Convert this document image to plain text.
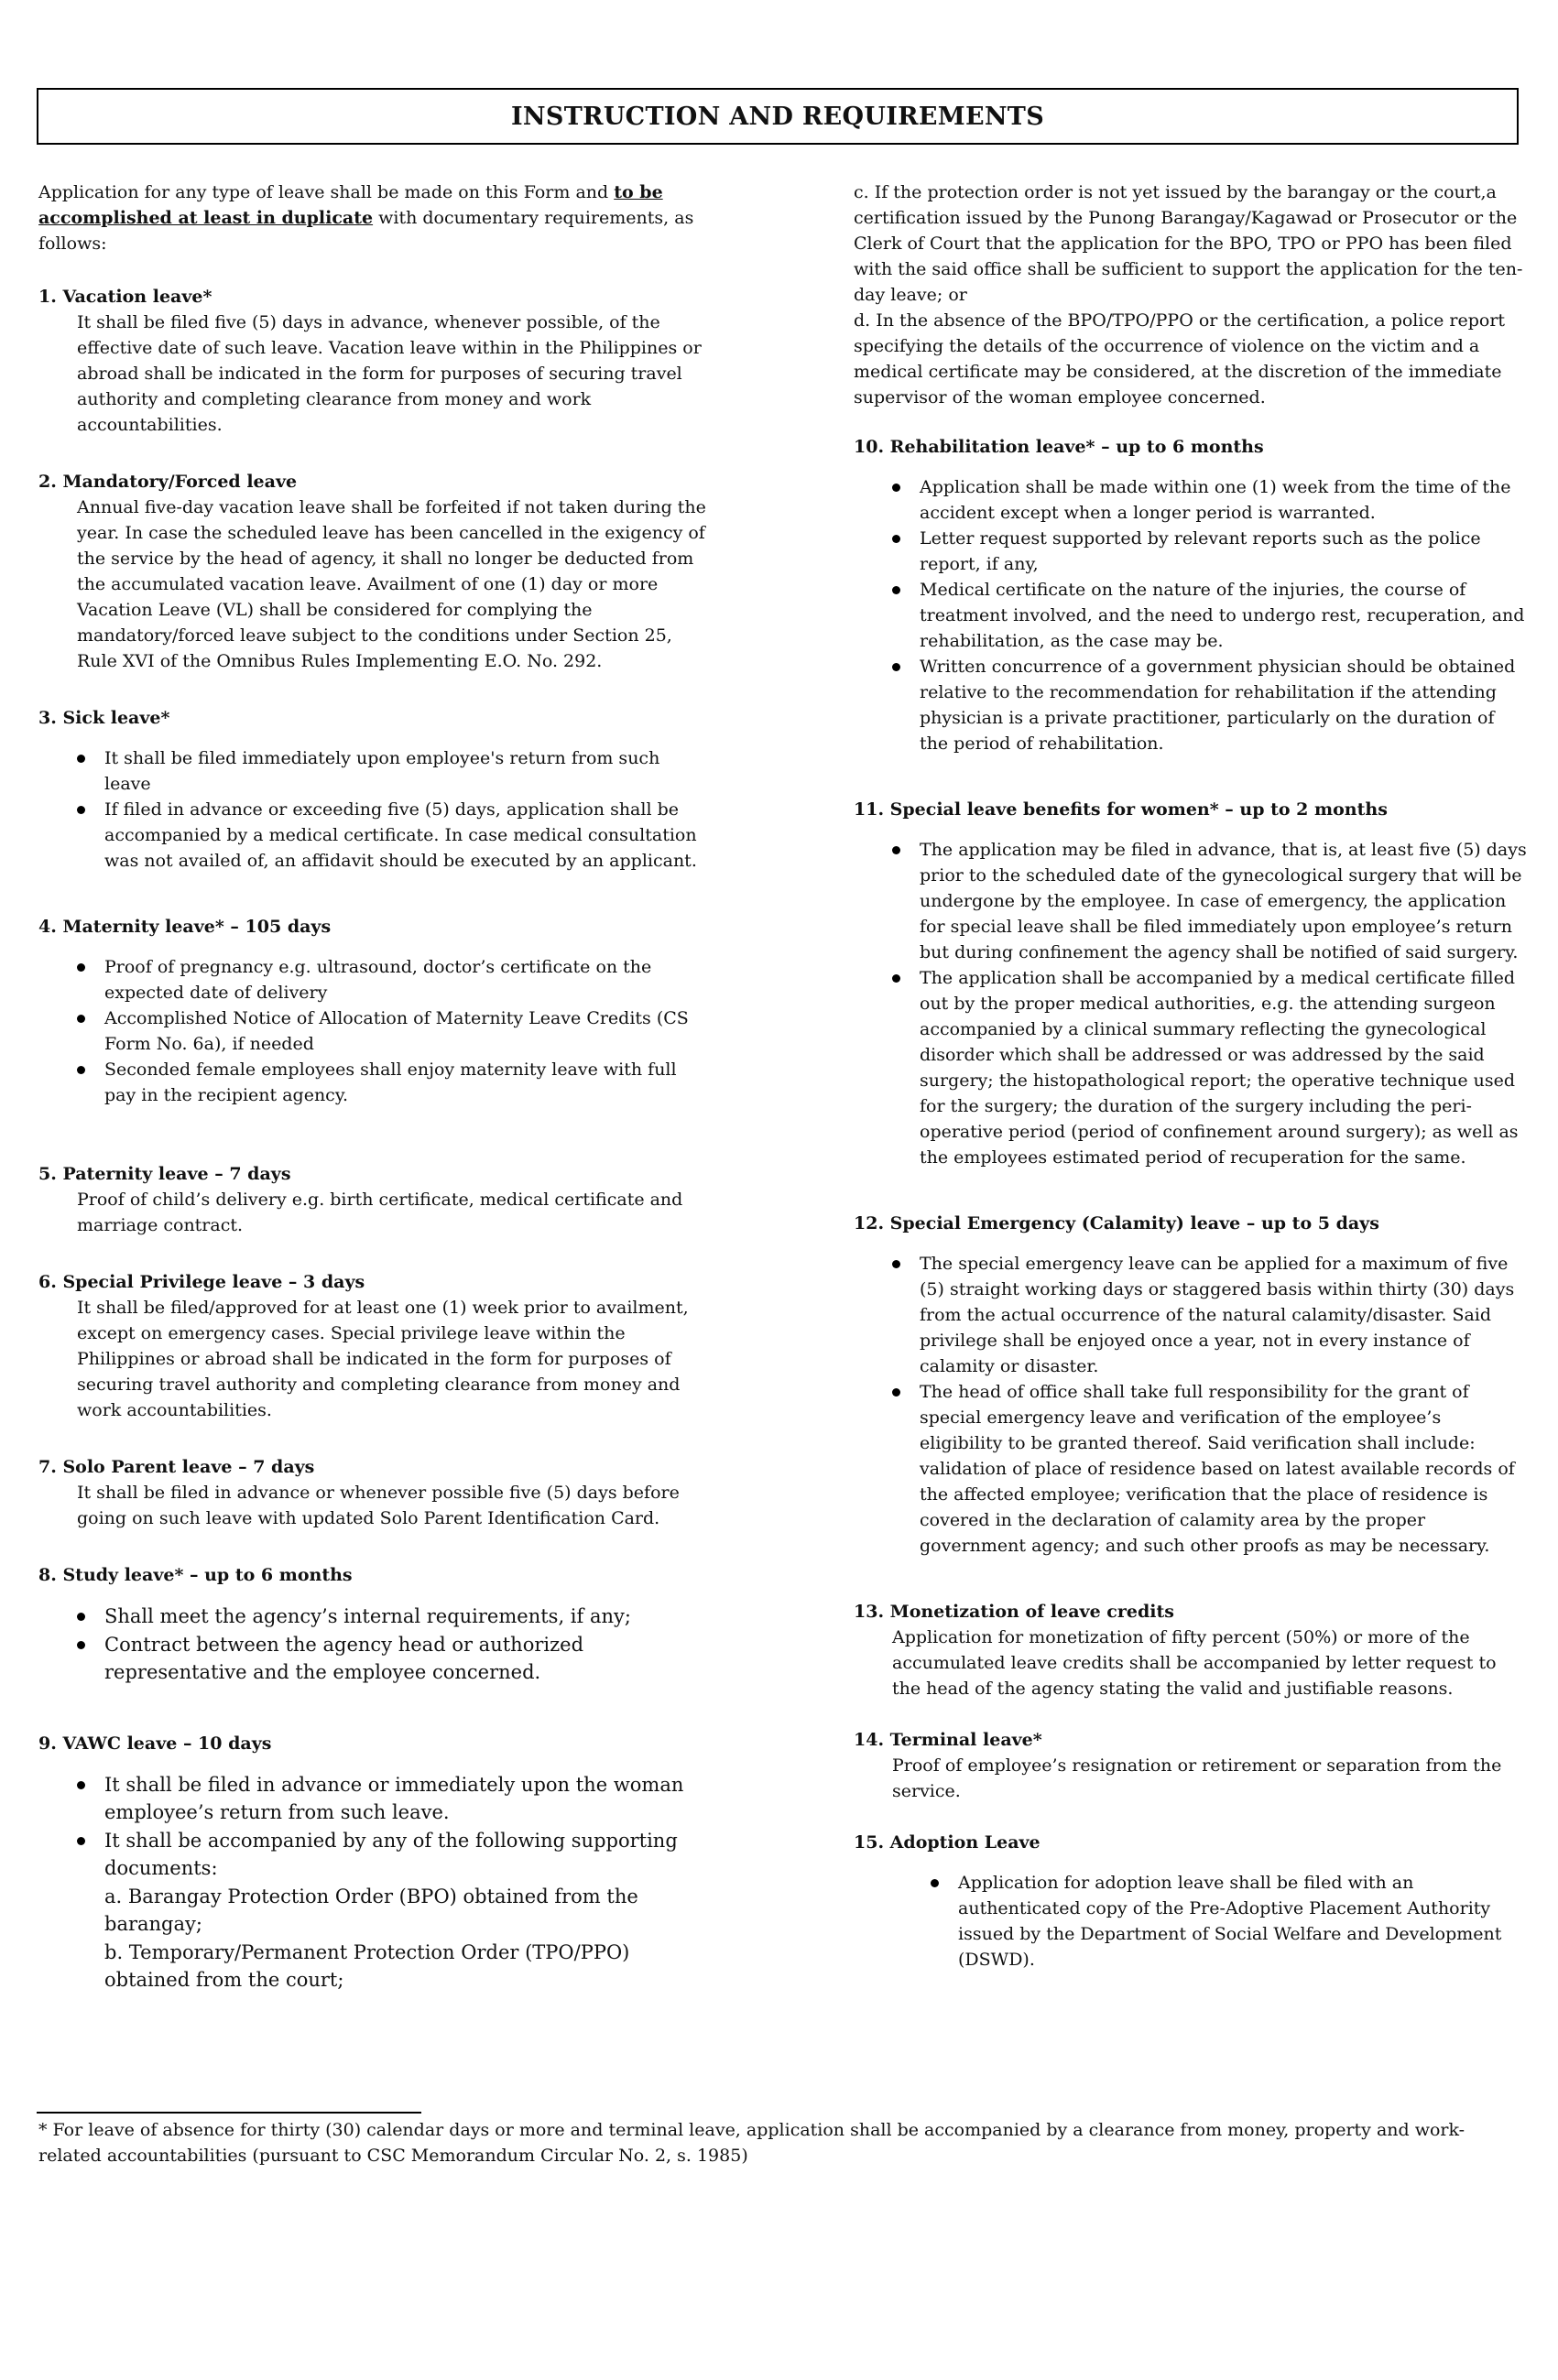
INSTRUCTION AND REQUIREMENTS

Application for any type of leave shall be made on this Form and to be accomplished at least in duplicate with documentary requirements, as follows:

1. Vacation leave*

It shall be filed five (5) days in advance, whenever possible, of the effective date of such leave. Vacation leave within in the Philippines or abroad shall be indicated in the form for purposes of securing travel authority and completing clearance from money and work accountabilities.

2. Mandatory/Forced leave

Annual five-day vacation leave shall be forfeited if not taken during the year. In case the scheduled leave has been cancelled in the exigency of the service by the head of agency, it shall no longer be deducted from the accumulated vacation leave. Availment of one (1) day or more Vacation Leave (VL) shall be considered for complying the mandatory/forced leave subject to the conditions under Section 25, Rule XVI of the Omnibus Rules Implementing E.O. No. 292.

3. Sick leave*

It shall be filed immediately upon employee's return from such leave
If filed in advance or exceeding five (5) days, application shall be accompanied by a medical certificate. In case medical consultation was not availed of, an affidavit should be executed by an applicant.

4. Maternity leave* – 105 days

Proof of pregnancy e.g. ultrasound, doctor’s certificate on the expected date of delivery
Accomplished Notice of Allocation of Maternity Leave Credits (CS Form No. 6a), if needed
Seconded female employees shall enjoy maternity leave with full pay in the recipient agency.

5. Paternity leave – 7 days

Proof of child’s delivery e.g. birth certificate, medical certificate and marriage contract.

6. Special Privilege leave – 3 days

It shall be filed/approved for at least one (1) week prior to availment, except on emergency cases. Special privilege leave within the Philippines or abroad shall be indicated in the form for purposes of securing travel authority and completing clearance from money and work accountabilities.

7. Solo Parent leave – 7 days

It shall be filed in advance or whenever possible five (5) days before going on such leave with updated Solo Parent Identification Card.

8. Study leave* – up to 6 months

Shall meet the agency’s internal requirements, if any;
Contract between the agency head or authorized representative and the employee concerned.

9. VAWC leave – 10 days

It shall be filed in advance or immediately upon the woman employee’s return from such leave.
It shall be accompanied by any of the following supporting documents:
a. Barangay Protection Order (BPO) obtained from the barangay;
b. Temporary/Permanent Protection Order (TPO/PPO) obtained from the court;

c. If the protection order is not yet issued by the barangay or the court,a certification issued by the Punong Barangay/Kagawad or Prosecutor or the Clerk of Court that the application for the BPO, TPO or PPO has been filed with the said office shall be sufficient to support the application for the ten-day leave; or

d. In the absence of the BPO/TPO/PPO or the certification, a police report specifying the details of the occurrence of violence on the victim and a medical certificate may be considered, at the discretion of the immediate supervisor of the woman employee concerned.

10. Rehabilitation leave* – up to 6 months

Application shall be made within one (1) week from the time of the accident except when a longer period is warranted.
Letter request supported by relevant reports such as the police report, if any,
Medical certificate on the nature of the injuries, the course of treatment involved, and the need to undergo rest, recuperation, and rehabilitation, as the case may be.
Written concurrence of a government physician should be obtained relative to the recommendation for rehabilitation if the attending physician is a private practitioner, particularly on the duration of the period of rehabilitation.

11. Special leave benefits for women* – up to 2 months

The application may be filed in advance, that is, at least five (5) days prior to the scheduled date of the gynecological surgery that will be undergone by the employee. In case of emergency, the application for special leave shall be filed immediately upon employee’s return but during confinement the agency shall be notified of said surgery.
The application shall be accompanied by a medical certificate filled out by the proper medical authorities, e.g. the attending surgeon accompanied by a clinical summary reflecting the gynecological disorder which shall be addressed or was addressed by the said surgery; the histopathological report; the operative technique used for the surgery; the duration of the surgery including the peri-operative period (period of confinement around surgery); as well as the employees estimated period of recuperation for the same.

12. Special Emergency (Calamity) leave – up to 5 days

The special emergency leave can be applied for a maximum of five (5) straight working days or staggered basis within thirty (30) days from the actual occurrence of the natural calamity/disaster. Said privilege shall be enjoyed once a year, not in every instance of calamity or disaster.
The head of office shall take full responsibility for the grant of special emergency leave and verification of the employee’s eligibility to be granted thereof. Said verification shall include: validation of place of residence based on latest available records of the affected employee; verification that the place of residence is covered in the declaration of calamity area by the proper government agency; and such other proofs as may be necessary.

13. Monetization of leave credits

Application for monetization of fifty percent (50%) or more of the accumulated leave credits shall be accompanied by letter request to the head of the agency stating the valid and justifiable reasons.

14. Terminal leave*

Proof of employee’s resignation or retirement or separation from the service.

15. Adoption Leave

Application for adoption leave shall be filed with an authenticated copy of the Pre-Adoptive Placement Authority issued by the Department of Social Welfare and Development (DSWD).

* For leave of absence for thirty (30) calendar days or more and terminal leave, application shall be accompanied by a clearance from money, property and work-related accountabilities (pursuant to CSC Memorandum Circular No. 2, s. 1985)
